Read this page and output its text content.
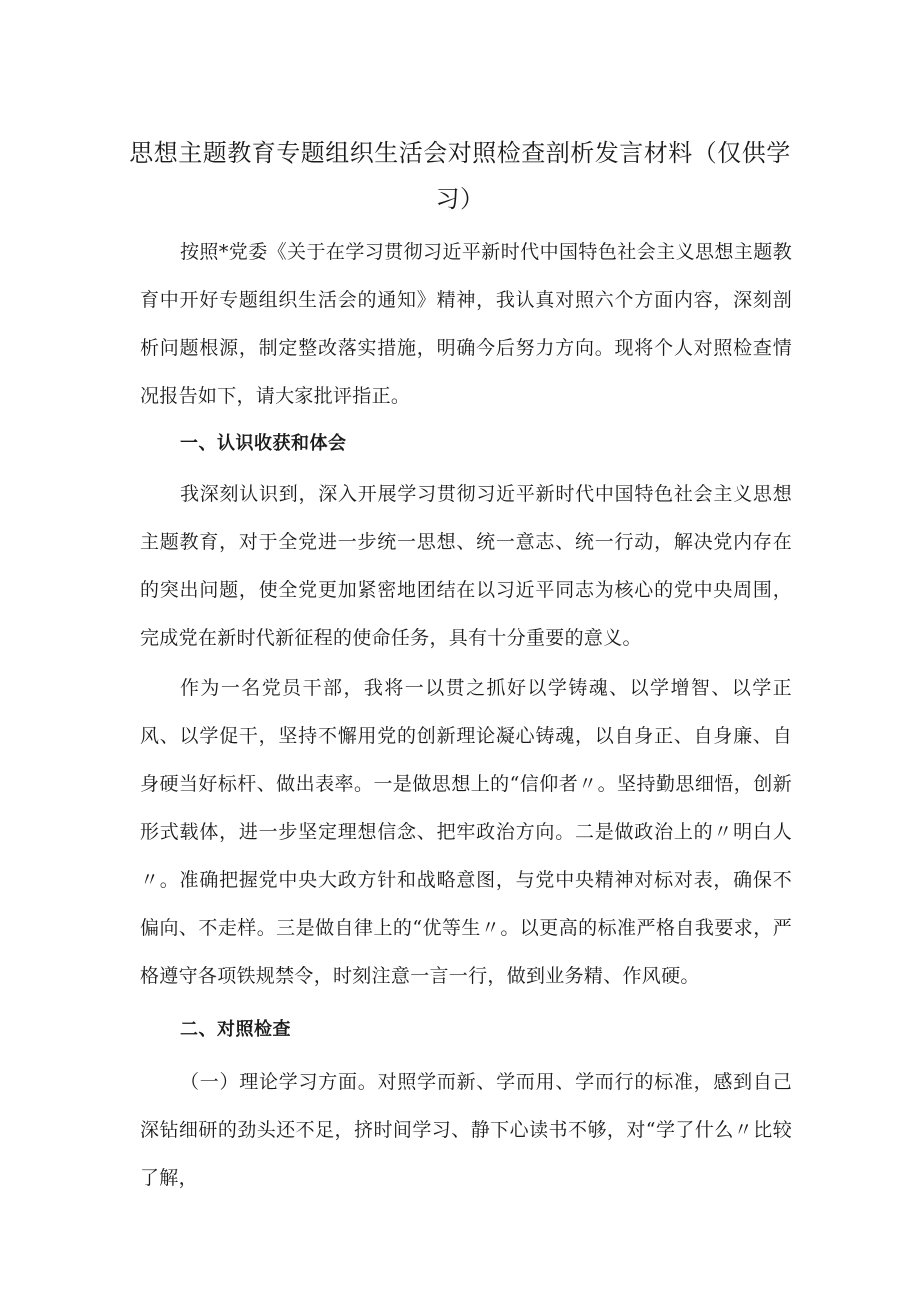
思想主题教育专题组织生活会对照检查剖析发言材料（仅供学习）

按照*党委《关于在学习贯彻习近平新时代中国特色社会主义思想主题教育中开好专题组织生活会的通知》精神，我认真对照六个方面内容，深刻剖析问题根源，制定整改落实措施，明确今后努力方向。现将个人对照检查情况报告如下，请大家批评指正。

一、认识收获和体会

我深刻认识到，深入开展学习贯彻习近平新时代中国特色社会主义思想主题教育，对于全党进一步统一思想、统一意志、统一行动，解决党内存在的突出问题，使全党更加紧密地团结在以习近平同志为核心的党中央周围，完成党在新时代新征程的使命任务，具有十分重要的意义。

作为一名党员干部，我将一以贯之抓好以学铸魂、以学增智、以学正风、以学促干，坚持不懈用党的创新理论凝心铸魂，以自身正、自身廉、自身硬当好标杆、做出表率。一是做思想上的“信仰者〃。坚持勤思细悟，创新形式载体，进一步坚定理想信念、把牢政治方向。二是做政治上的〃明白人〃。准确把握党中央大政方针和战略意图，与党中央精神对标对表，确保不偏向、不走样。三是做自律上的“优等生〃。以更高的标准严格自我要求，严格遵守各项铁规禁令，时刻注意一言一行，做到业务精、作风硬。

二、对照检查

（一）理论学习方面。对照学而新、学而用、学而行的标准，感到自己深钻细研的劲头还不足，挤时间学习、静下心读书不够，对“学了什么〃比较了解，
